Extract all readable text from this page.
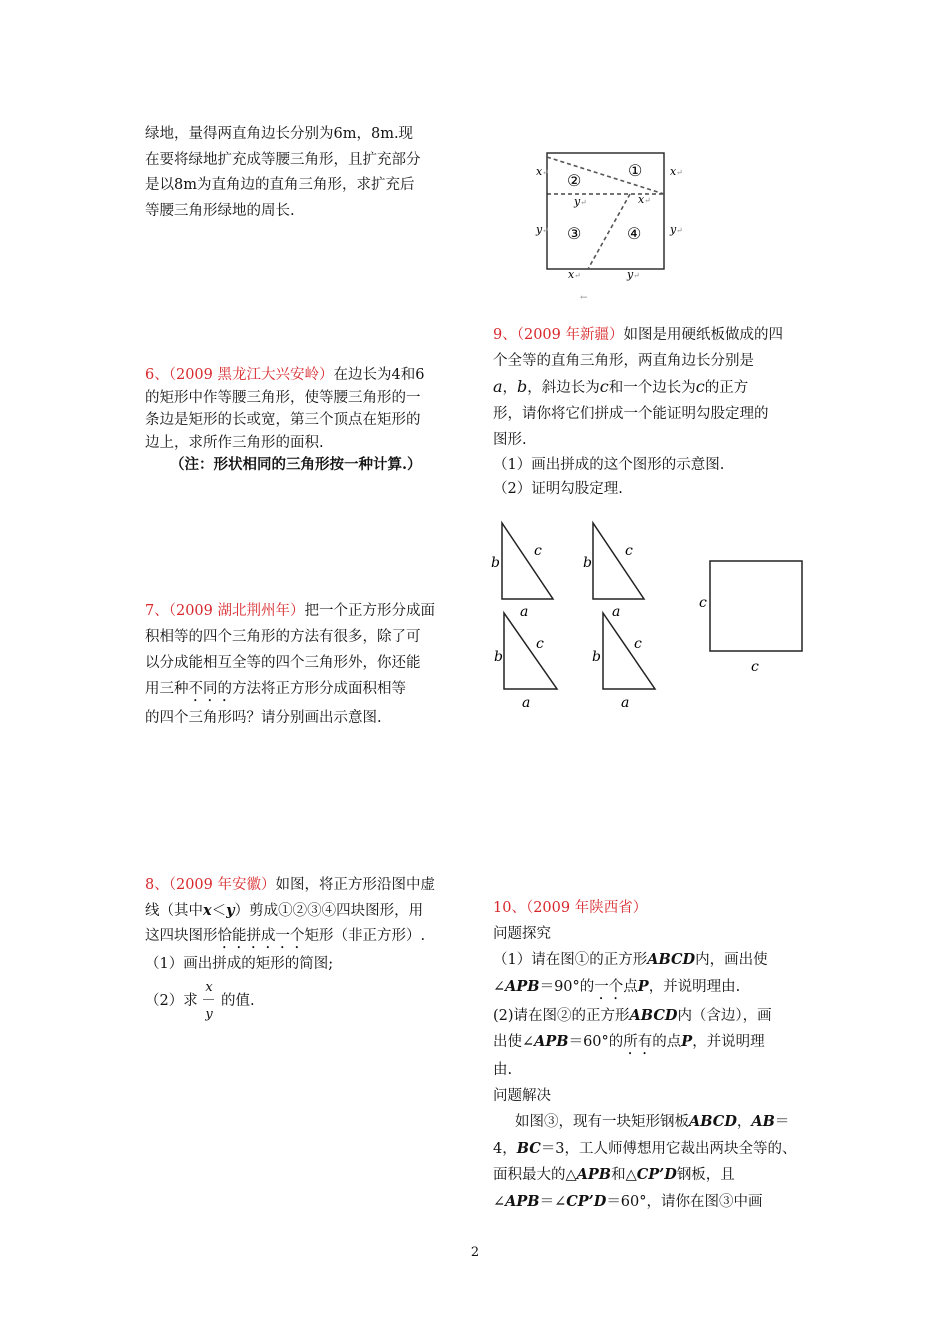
绿地，量得两直角边长分别为6m，8m.现

在要将绿地扩充成等腰三角形，且扩充部分

是以8m为直角边的直角三角形，求扩充后

等腰三角形绿地的周长.

6、（2009 黑龙江大兴安岭）在边长为4和6

的矩形中作等腰三角形，使等腰三角形的一

条边是矩形的长或宽，第三个顶点在矩形的

边上，求所作三角形的面积.

（注：形状相同的三角形按一种计算.）

7、（2009 湖北荆州年）把一个正方形分成面

积相等的四个三角形的方法有很多，除了可

以分成能相互全等的四个三角形外，你还能

用三种不同的方法将正方形分成面积相等

的四个三角形吗？请分别画出示意图.

8、（2009 年安徽）如图，将正方形沿图中虚

线（其中x＜y）剪成①②③④四块图形，用

这四块图形恰能拼成一个矩形（非正方形）.

（1）画出拼成的矩形的简图;

（2）求 $\frac{x}{y}$ 的值.

①
②
③	④
x ↵	x ↵
y ↵	x ↵
y ↵	y ↵
x ↵	y ↵
←

9、（2009 年新疆）如图是用硬纸板做成的四

个全等的直角三角形，两直角边长分别是

a，b，斜边长为c和一个边长为c的正方

形，请你将它们拼成一个能证明勾股定理的

图形.

（1）画出拼成的这个图形的示意图.

（2）证明勾股定理.

b
c
a
b
c
a
b
c
a
b
c
a
c
c

10、（2009 年陕西省）

问题探究

（1）请在图①的正方形ABCD内，画出使

∠APB＝90°的一个点P，并说明理由.

(2)请在图②的正方形ABCD内（含边），画

出使∠APB＝60°的所有的点P，并说明理

由.

问题解决

如图③，现有一块矩形钢板ABCD，AB＝

4，BC＝3，工人师傅想用它裁出两块全等的、

面积最大的△APB和△CP’D钢板，且

∠APB＝∠CP’D＝60°，请你在图③中画

2
